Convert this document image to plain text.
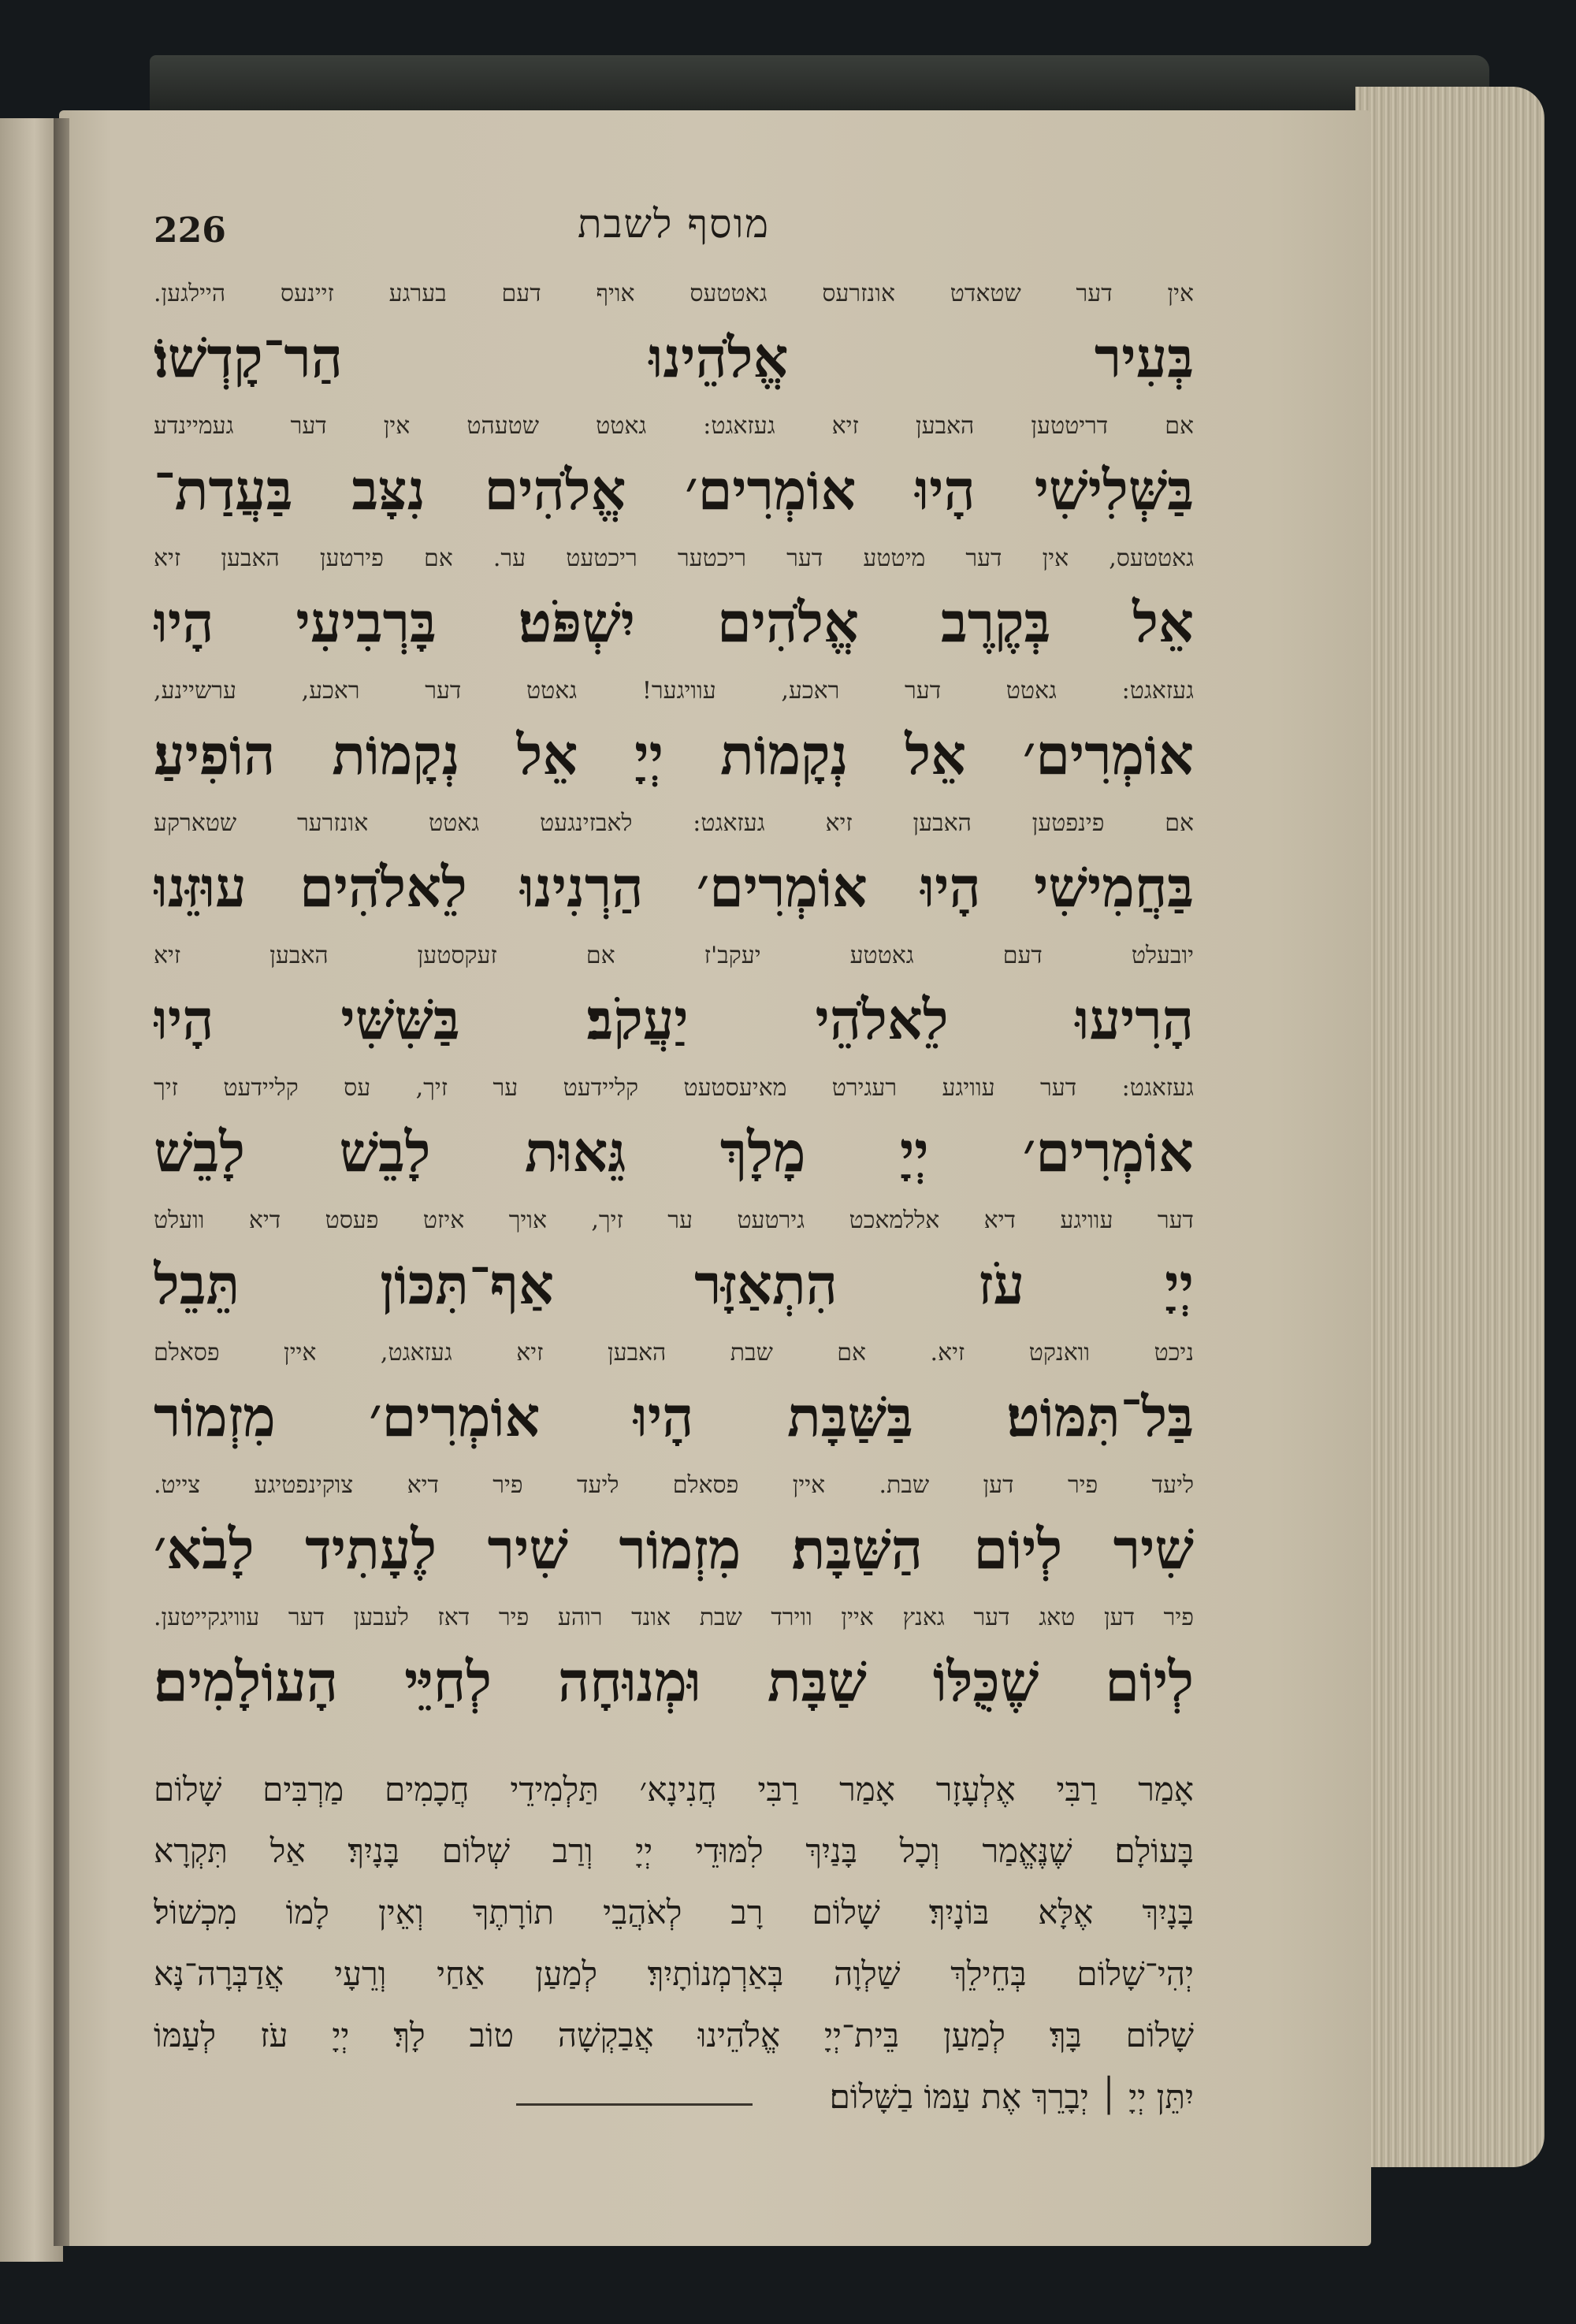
מוסף לשבת
226
אין דער שטאדט אונזרעס גאטטעס אויף דעם בערגע זיינעס היילגען.
בְּעִיר אֱלֹהֵינוּ הַר־קָדְשׁוֹ׃
אם דריטטען האבען זיא געזאגט: גאטט שטעהט אין דער געמיינדע
בַּשְּׁלִישִׁי הָיוּ אוֹמְרִים׳ אֱלֹהִים נִצָּב בַּעֲדַת־
גאטטעס, אין דער מיטטע דער ריכטער ריכטעט ער. אם פירטען האבען זיא
אֵל בְּקֶרֶב אֱלֹהִים יִשְׁפֹּט׃ בָּרְבִיעִי הָיוּ
געזאגט: גאטט דער ראכע, עוויגער! גאטט דער ראכע, ערשיינע,
אוֹמְרִים׳ אֵל נְקָמוֹת יְיָ אֵל נְקָמוֹת הוֹפִיעַ׃
אם פינפטען האבען זיא געזאגט: לאבזינגעט גאטט אונזרער שטארקע
בַּחֲמִישִׁי הָיוּ אוֹמְרִים׳ הַרְנִינוּ לֵאלֹהִים עוּזֵּנוּ
יובעלט דעם גאטטע יעקב'ז אם זעקסטען האבען זיא
הָרִיעוּ לֵאלֹהֵי יַעֲקֹב׃ בַּשִּׁשִּׁי הָיוּ
געזאגט: דער עוויגע רעגירט מאיעסטעט קליידעט ער זיך, עס קליידעט זיך
אוֹמְרִים׳ יְיָ מָלָךְ גֵּאוּת לָבֵשׁ לָבֵשׁ
דער עוויגע דיא אללמאכט גירטעט ער זיך, אויך איזט פעסט דיא וועלט
יְיָ עֹז הִתְאַזָּר אַף־תִּכּוֹן תֵּבֵל
ניכט וואנקט זיא. אם שבת האבען זיא געזאגט, איין פסאלם
בַּל־תִּמּוֹט׃ בַּשַּׁבָּת הָיוּ אוֹמְרִים׳ מִזְמוֹר
ליעד פיר דען שבת. איין פסאלם ליעד פיר דיא צוקינפטיגע צייט.
שִׁיר לְיוֹם הַשַּׁבָּת׃ מִזְמוֹר שִׁיר לֶעָתִיד לָבֹא׳
פיר דען טאג דער גאנץ איין ווירד שבת אונד רוהע פיר דאז לעבען דער עוויגקייטען.
לְיוֹם שֶׁכֻּלּוֹ שַׁבָּת וּמְנוּחָה לְחַיֵּי הָעוֹלָמִים׃
אָמַר רַבִּי אֶלְעָזָר אָמַר רַבִּי חֲנִינָא׳ תַּלְמִידֵי חֲכָמִים מַרְבִּים שָׁלוֹם
בָּעוֹלָם׃ שֶׁנֶּאֱמַר וְכָל בָּנַיִךְ לִמּוּדֵי יְיָ וְרַב שְׁלוֹם בָּנָיִךְ׃ אַל תִּקְרָא
בָּנָיִךְ אֶלָּא בּוֹנָיִךְ׃ שָׁלוֹם רָב לְאֹהֲבֵי תוֹרָתֶךָ וְאֵין לָמוֹ מִכְשׁוֹל׃
יְהִי־שָׁלוֹם בְּחֵילֵךְ שַׁלְוָה בְּאַרְמְנוֹתָיִךְ׃ לְמַעַן אַחַי וְרֵעָי אֲדַבְּרָה־נָּא
שָׁלוֹם בָּךְ׃ לְמַעַן בֵּית־יְיָ אֱלֹהֵינוּ אֲבַקְשָׁה טוֹב לָךְ׃ יְיָ עֹז לְעַמּוֹ
יִתֵּן יְיָ ׀ יְבָרֵךְ אֶת עַמּוֹ בַשָּׁלוֹם׃
